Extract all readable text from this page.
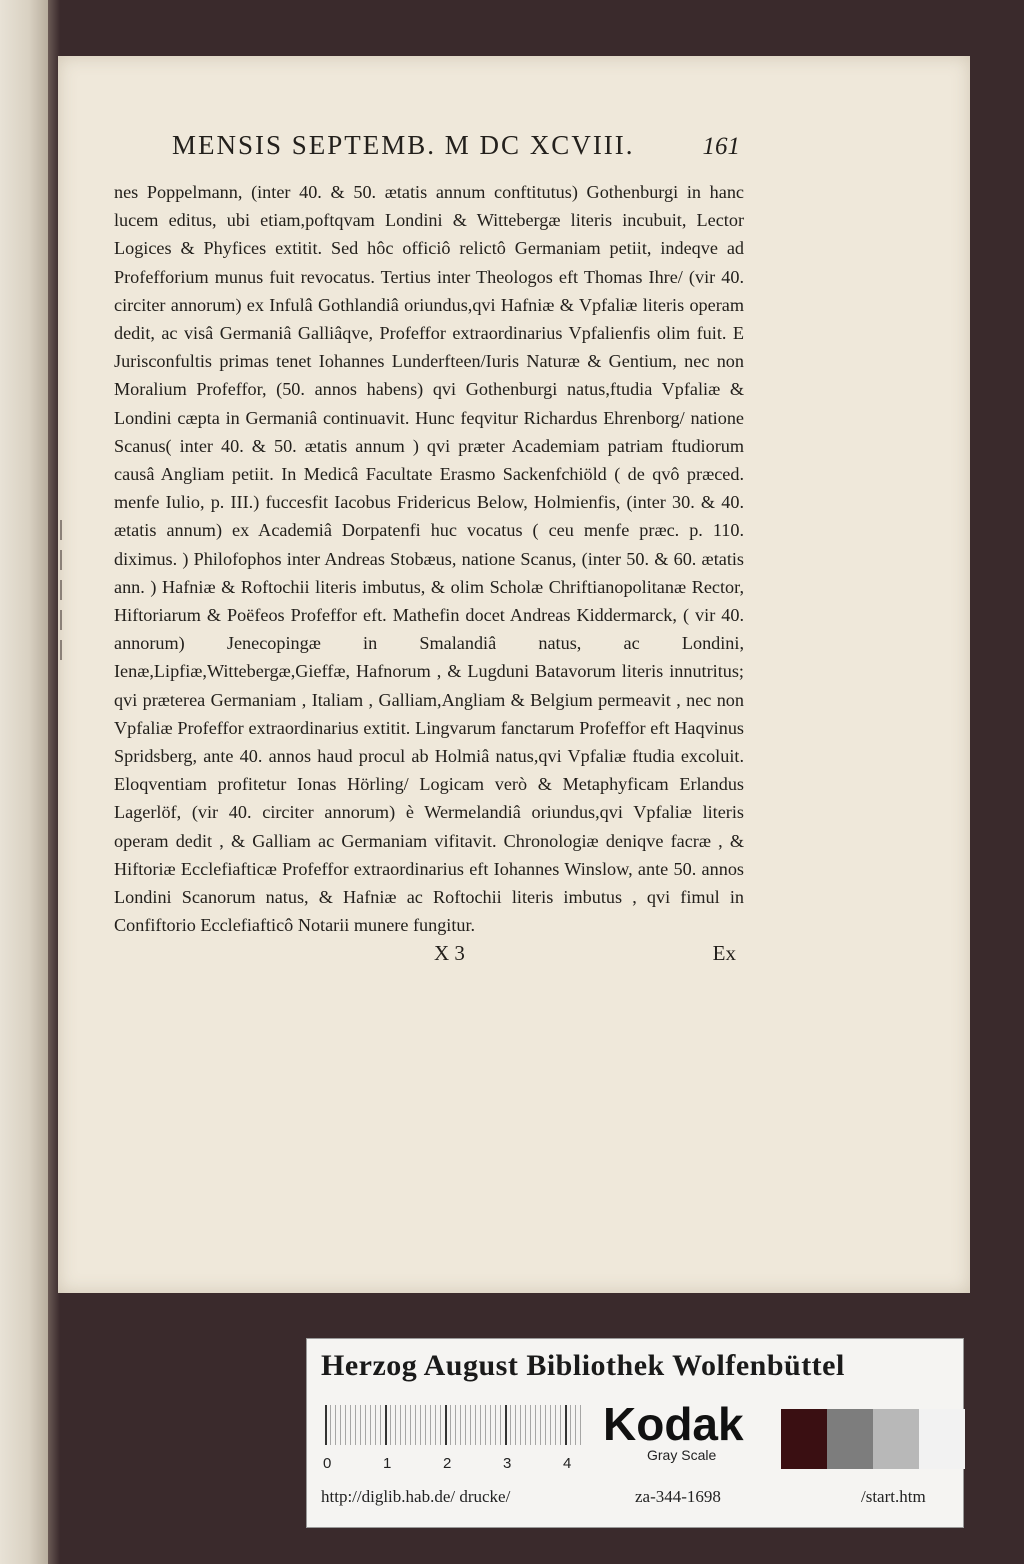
MENSIS SEPTEMB. M DC XCVIII.	161

nes Poppelmann, (inter 40. & 50. ætatis annum conftitutus) Gothenburgi in hanc lucem editus, ubi etiam,poftqvam Londini & Wittebergæ literis incubuit, Lector Logices & Phyfices extitit. Sed hôc officiô relictô Germaniam petiit, indeqve ad Profefforium munus fuit revocatus. Tertius inter Theologos eft Thomas Ihre/ (vir 40. circiter annorum) ex Infulâ Gothlandiâ oriundus,qvi Hafniæ & Vpfaliæ literis operam dedit, ac visâ Germaniâ Galliâqve, Profeffor extraordinarius Vpfalienfis olim fuit. E Jurisconfultis primas tenet Iohannes Lunderfteen/Iuris Naturæ & Gentium, nec non Moralium Profeffor, (50. annos habens) qvi Gothenburgi natus,ftudia Vpfaliæ & Londini cæpta in Germaniâ continuavit. Hunc feqvitur Richardus Ehrenborg/ natione Scanus( inter 40. & 50. ætatis annum ) qvi præter Academiam patriam ftudiorum causâ Angliam petiit. In Medicâ Facultate Erasmo Sackenfchiöld ( de qvô præced. menfe Iulio, p. III.) fuccesfit Iacobus Fridericus Below, Holmienfis, (inter 30. & 40. ætatis annum) ex Academiâ Dorpatenfi huc vocatus ( ceu menfe præc. p. 110. diximus. ) Philofophos inter Andreas Stobæus, natione Scanus, (inter 50. & 60. ætatis ann. ) Hafniæ & Roftochii literis imbutus, & olim Scholæ Chriftianopolitanæ Rector, Hiftoriarum & Poëfeos Profeffor eft. Mathefin docet Andreas Kiddermarck, ( vir 40. annorum) Jenecopingæ in Smalandiâ natus, ac Londini, Ienæ,Lipfiæ,Wittebergæ,Gieffæ, Hafnorum , & Lugduni Batavorum literis innutritus; qvi prætereа Germaniam , Italiam , Galliam,Angliam & Belgium permeavit , nec non Vpfaliæ Profeffor extraordinarius extitit. Lingvarum fanctarum Profeffor eft Haqvinus Spridsberg, ante 40. annos haud procul ab Holmiâ natus,qvi Vpfaliæ ftudia excoluit. Eloqventiam profitetur Ionas Hörling/ Logicam verò & Metaphyficam Erlandus Lagerlöf, (vir 40. circiter annorum) è Wermelandiâ oriundus,qvi Vpfaliæ literis operam dedit , & Galliam ac Germaniam vifitavit. Chronologiæ deniqve facræ , & Hiftoriæ Ecclefiafticæ Profeffor extraordinarius eft Iohannes Winslow, ante 50. annos Londini Scanorum natus, & Hafniæ ac Roftochii literis imbutus , qvi fimul in Confiftorio Ecclefiafticô Notarii munere fungitur.

X 3	Ex
Herzog August Bibliothek Wolfenbüttel
0	1	2	3	4
Kodak
Gray Scale
http://diglib.hab.de/ drucke/	za-344-1698	/start.htm
